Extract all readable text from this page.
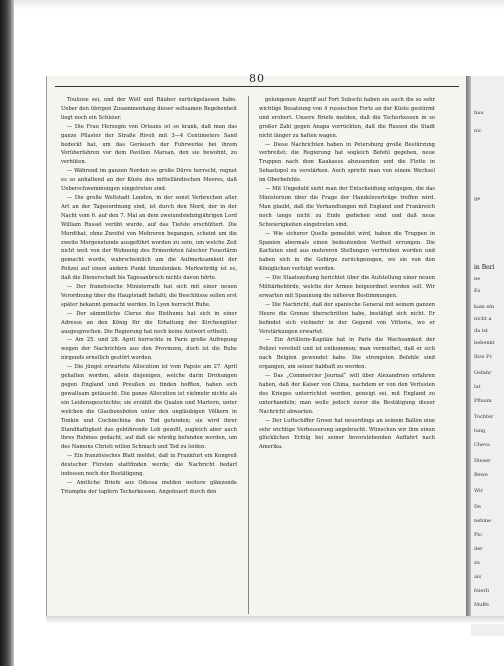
80

Touloise sei, und der Wolf und Räuber zurückgelassen habe. Ueber den übrigen Zusammenhang dieser seltsamen Begebenheit liegt noch ein Schleier.

— Die Frau Herzogin von Orleans ist so krank, daß man das ganze Pflaster der Straße Rivoli mit 3—4 Centimeters Sand bedeckt hat, um das Geräusch der Fuhrwerke bei ihrem Vorüberfahren vor dem Pavillon Marsan, den sie bewohnt, zu verhüten.

— Während im ganzen Norden so große Dürre herrscht, regnet es so anhaltend an der Küste des mittelländischen Meeres, daß Ueberschwemmungen eingetreten sind.

— Die große Weltstadt London, in der sonst Verbrechen aller Art an der Tagesordnung sind, ist durch den Mord, der in der Nacht vom 6. auf den 7. Mai an dem zweiundsiebzigjährigen Lord William Russel verübt wurde, auf das Tiefste erschüttert. Die Mordthat, ohne Zweifel von Mehreren begangen, scheint um die zweite Morgenstunde ausgeführt worden zu sein, um welche Zeit nicht weit von der Wohnung des Ermordeten falscher Feuerlärm gemacht wurde, wahrscheinlich um die Aufmerksamkeit der Polizei auf einen andern Punkt hinzulenken. Merkwürdig ist es, daß die Dienerschaft bis Tagesanbruch nichts davon hörte.

— Der französische Ministerrath hat sich mit einer neuen Verordnung über die Hauptstadt befaßt; die Beschlüsse sollen erst später bekannt gemacht werden. In Lyon herrscht Ruhe.

— Der sämmtliche Clerus des Bisthums hat sich in einer Adresse an den König für die Erhaltung der Kirchengüter ausgesprochen. Die Regierung hat noch keine Antwort ertheilt.

— Am 25. und 28. April herrschte in Paris große Aufregung wegen der Nachrichten aus den Provinzen, doch ist die Ruhe nirgends ernstlich gestört worden.

— Die jüngst erwartete Allocution ist vom Papste am 27. April gehalten worden, allein diejenigen, welche darin Drohungen gegen England und Preußen zu finden hofften, haben sich gewaltsam getäuscht. Die ganze Allocution ist vielmehr nichts als ein Leidensgeschichte; sie erzählt die Qualen und Martern, unter welchen die Glaubensboten unter den ungläubigen Völkern in Tonkin und Cochinchina den Tod gefunden; sie wird ihrer Standhaftigkeit das gebührende Lob gezollt, zugleich aber auch ihres Ruhmes gedacht, auf daß sie würdig befunden werden, um des Namens Christi willen Schmach und Tod zu leiden.

— Ein französisches Blatt meldet, daß in Frankfurt ein Kongreß deutscher Fürsten stattfinden werde; die Nachricht bedarf indessen noch der Bestätigung.

— Amtliche Briefe aus Odessa melden weitere glänzende Triumphe der tapfern Tscherkessen. Angefeuert durch den

gelungenen Angriff auf Fort Subschi haben sie auch die so sehr wichtige Besatzung von 4 russischen Forts an der Küste gestürmt und erobert. Unsere Briefe melden, daß die Tscherkessen in so großer Zahl gegen Anapa vorrückten, daß die Russen die Stadt nicht länger zu halten wagen.

— Diese Nachrichten haben in Petersburg große Bestürzung verbreitet; die Regierung hat sogleich Befehl gegeben, neue Truppen nach dem Kaukasus abzusenden und die Flotte in Sebastopol zu verstärken. Auch spricht man von einem Wechsel im Oberbefehle.

— Mit Ungeduld sieht man der Entscheidung entgegen, die das Ministerium über die Frage der Handelsverträge treffen wird. Man glaubt, daß die Verhandlungen mit England und Frankreich noch lange nicht zu Ende gediehen sind und daß neue Schwierigkeiten eingetreten sind.

— Wie sicherer Quelle gemeldet wird, haben die Truppen in Spanien abermals einen bedeutenden Vortheil errungen. Die Karlisten sind aus mehreren Stellungen vertrieben worden und haben sich in die Gebirge zurückgezogen, wo sie von den Königlichen verfolgt werden.

— Die Staatszeitung berichtet über die Aufstellung einer neuen Militärbehörde, welche der Armee beigeordnet werden soll. Wir erwarten mit Spannung die näheren Bestimmungen.

— Die Nachricht, daß der spanische General mit seinem ganzen Heere die Grenze überschritten habe, bestätigt sich nicht. Er befindet sich vielmehr in der Gegend von Vittoria, wo er Verstärkungen erwartet.

— Ein Artillerie-Kapitän hat in Paris die Wachsamkeit der Polizei vereitelt und ist entkommen; man vermuthet, daß er sich nach Belgien gewendet habe. Die strengsten Befehle sind ergangen, um seiner habhaft zu werden.

— Das „Commercier Journal“ will über Alexandrien erfahren haben, daß der Kaiser von China, nachdem er von den Verlusten des Krieges unterrichtet worden, geneigt sei, mit England zu unterhandeln; man wolle jedoch zuvor die Bestätigung dieser Nachricht abwarten.

— Der Luftschiffer Green hat neuerdings an seinem Ballon eine sehr wichtige Verbesserung angebracht. Wünschen wir ihm einen glücklichen Erfolg bei seiner bevorstehenden Auffahrt nach Amerika.

hau
nic
ge
in Beri
ne
Es
kam ein
nicht a
da ist
bebenkt
Ihre Fr
Gefahr
lat
Pflaum
Tochter
lung
Cheva
Dieser
Bewe
Wir
De
nehme
Plo
der
zu
als
feierli
Muffe
